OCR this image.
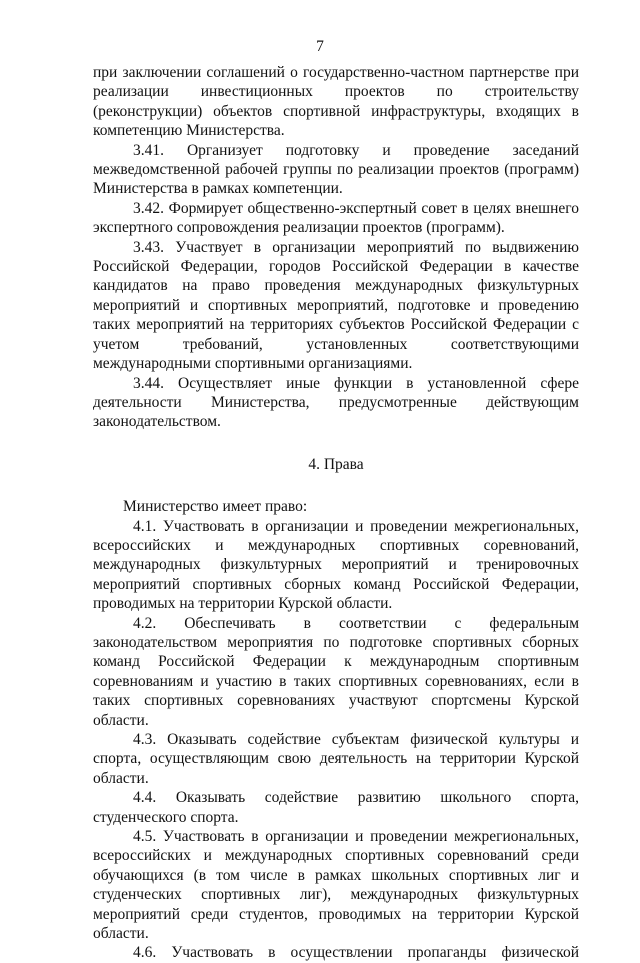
7

при заключении соглашений о государственно-частном партнерстве при реализации инвестиционных проектов по строительству (реконструкции) объектов спортивной инфраструктуры, входящих в компетенцию Министерства.

3.41. Организует подготовку и проведение заседаний межведомственной рабочей группы по реализации проектов (программ) Министерства в рамках компетенции.

3.42. Формирует общественно-экспертный совет в целях внешнего экспертного сопровождения реализации проектов (программ).

3.43. Участвует в организации мероприятий по выдвижению Российской Федерации, городов Российской Федерации в качестве кандидатов на право проведения международных физкультурных мероприятий и спортивных мероприятий, подготовке и проведению таких мероприятий на территориях субъектов Российской Федерации с учетом требований, установленных соответствующими международными спортивными организациями.

3.44. Осуществляет иные функции в установленной сфере деятельности Министерства, предусмотренные действующим законодательством.

4. Права

Министерство имеет право:

4.1. Участвовать в организации и проведении межрегиональных, всероссийских и международных спортивных соревнований, международных физкультурных мероприятий и тренировочных мероприятий спортивных сборных команд Российской Федерации, проводимых на территории Курской области.

4.2. Обеспечивать в соответствии с федеральным законодательством мероприятия по подготовке спортивных сборных команд Российской Федерации к международным спортивным соревнованиям и участию в таких спортивных соревнованиях, если в таких спортивных соревнованиях участвуют спортсмены Курской области.

4.3. Оказывать содействие субъектам физической культуры и спорта, осуществляющим свою деятельность на территории Курской области.

4.4. Оказывать содействие развитию школьного спорта, студенческого спорта.

4.5. Участвовать в организации и проведении межрегиональных, всероссийских и международных спортивных соревнований среди обучающихся (в том числе в рамках школьных спортивных лиг и студенческих спортивных лиг), международных физкультурных мероприятий среди студентов, проводимых на территории Курской области.

4.6. Участвовать в осуществлении пропаганды физической
